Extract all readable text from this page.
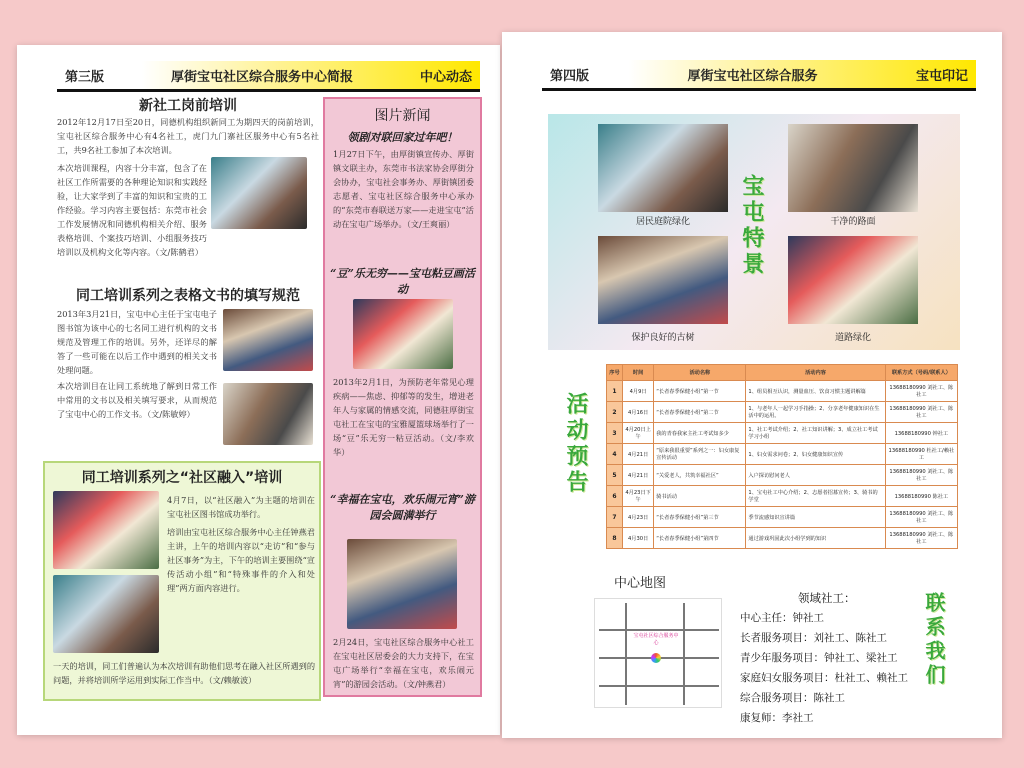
第三版	厚街宝屯社区综合服务中心简报	中心动态
新社工岗前培训
2012年12月17日至20日，同德机构组织新同工为期四天的岗前培训，宝屯社区综合服务中心有4名社工，虎门九门寨社区服务中心有5名社工，共9名社工参加了本次培训。
本次培训课程，内容十分丰富，包含了在社区工作所需要的各种理论知识和实践经验，让大家学到了丰富的知识和宝贵的工作经验。学习内容主要包括：东莞市社会工作发展情况和同德机构相关介绍、服务表格培训、个案技巧培训、小组服务技巧培训以及机构文化等内容。（文/陈鹤君）
同工培训系列之表格文书的填写规范
2013年3月21日，宝屯中心主任于宝屯电子图书馆为该中心的七名同工进行机构的文书规范及管理工作的培训。另外，还详尽的解答了一些可能在以后工作中遇到的相关文书处理问题。
本次培训目在让同工系统地了解到日常工作中常用的文书以及相关填写要求，从而规范了宝屯中心的工作文书。（文/陈敏婷）
同工培训系列之“社区融入”培训
4月7日，以“社区融入”为主题的培训在宝屯社区图书馆成功举行。
培训由宝屯社区综合服务中心主任钟燕君主讲，上午的培训内容以“走访”和“参与社区事务”为主，下午的培训主要围绕“宣传活动小组”和“特殊事件的介入和处理”两方面内容进行。
一天的培训，同工们普遍认为本次培训有助他们思考在融入社区所遇到的问题，并将培训所学运用到实际工作当中。（文/赖敏波）
图片新闻
领剧对联回家过年吧！
1月27日下午，由厚街镇宣传办、厚街镇文联主办，东莞市书法家协会厚街分会协办，宝屯社会事务办、厚街镇团委志愿者、宝屯社区综合服务中心承办的“东莞市春联送万家——走进宝屯”活动在宝屯广场举办。（文/王爽丽）
“豆”乐无穷——宝屯粘豆画活动
2013年2月1日，为预防老年常见心理疾病——焦虑、抑郁等的发生，增进老年人与家属的情感交流，同德驻厚街宝屯社工在宝屯的宝雅厦篮球场举行了一场“豆”乐无穷一粘豆活动。（文/李欢华）
“幸福在宝屯，欢乐闹元宵”游园会圆满举行
2月24日，宝屯社区综合服务中心社工在宝屯社区居委会的大力支持下，在宝屯广场举行“幸福在宝屯，欢乐闹元宵”的游园会活动。（文/钟燕君）
第四版	厚街宝屯社区综合服务	宝屯印记
居民庭院绿化	干净的路面
保护良好的古树	道路绿化
宝屯特景
活动预告
序号	时间	活动名称	活动内容	联系方式（号码/联系人）
1	4月9日	“长者春季保健小组”第一节	1、组员相互认识，测量血压、饮食习惯主题讲解篇	13688180990 刘社工、陈社工
2	4月16日	“长者春季保健小组”第二节	1、与老年人一起学习手指操；2、分享老年健康知识在生活中的运用。	13688180990 刘社工、陈社工
3	4月20日上午	我的青春我家主社工考试知多少	1、社工考试介绍；2、社工知识讲解；3、成立社工考试学习小组	13688180990 钟社工
4	4月21日	“原来我很重要”系列之一：妇女康复宣传活动	1、妇女需求问卷；2、妇女健康知识宣传	13688180990 杜社工/赖社工
5	4月21日	“关爱老人，共筑幸福社区”	入户探访慰问老人	13688180990 刘社工、陈社工
6	4月23日下午	骑书活动	1、宝屯社工中心介绍；2、志愿者招募宣传；3、骑书的学堂	13688180990 陈社工
7	4月23日	“长者春季保健小组”第三节	季节流感知识宣讲篇	13688180990 刘社工、陈社工
8	4月30日	“长者春季保健小组”第四节	通过游戏巩固此次小组学到的知识	13688180990 刘社工、陈社工
中心地图
宝屯社区综合服务中心
领域社工：
中心主任：钟社工
长者服务项目：刘社工、陈社工
青少年服务项目：钟社工、梁社工
家庭妇女服务项目：杜社工、赖社工
综合服务项目：陈社工
康复师：李社工
联系我们
